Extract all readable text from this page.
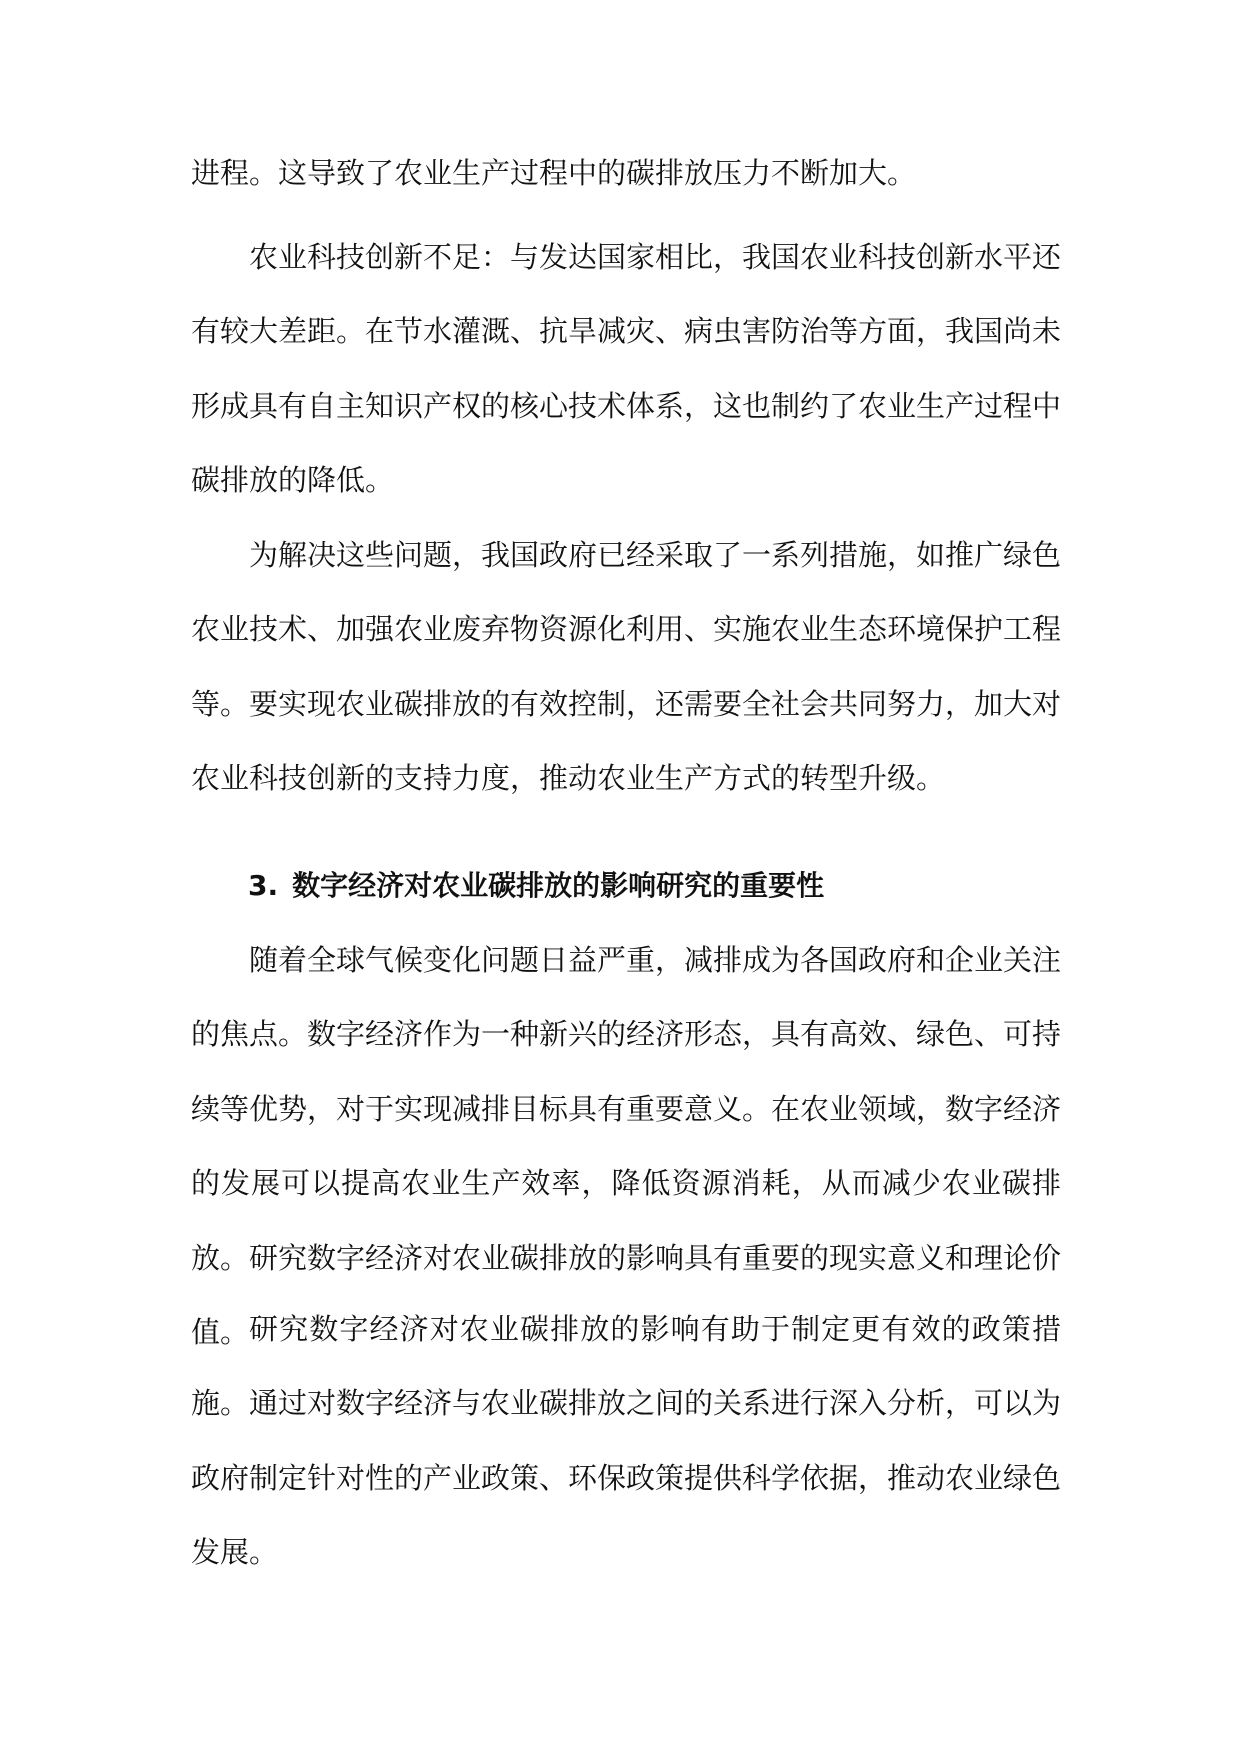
进程。这导致了农业生产过程中的碳排放压力不断加大。

农业科技创新不足：与发达国家相比，我国农业科技创新水平还有较大差距。在节水灌溉、抗旱减灾、病虫害防治等方面，我国尚未形成具有自主知识产权的核心技术体系，这也制约了农业生产过程中碳排放的降低。

为解决这些问题，我国政府已经采取了一系列措施，如推广绿色农业技术、加强农业废弃物资源化利用、实施农业生态环境保护工程等。要实现农业碳排放的有效控制，还需要全社会共同努力，加大对农业科技创新的支持力度，推动农业生产方式的转型升级。

3. 数字经济对农业碳排放的影响研究的重要性

随着全球气候变化问题日益严重，减排成为各国政府和企业关注的焦点。数字经济作为一种新兴的经济形态，具有高效、绿色、可持续等优势，对于实现减排目标具有重要意义。在农业领域，数字经济的发展可以提高农业生产效率，降低资源消耗，从而减少农业碳排放。研究数字经济对农业碳排放的影响具有重要的现实意义和理论价值。 研究数字经济对农业碳排放的影响有助于制定更有效的政策措施。通过对数字经济与农业碳排放之间的关系进行深入分析，可以为政府制定针对性的产业政策、环保政策提供科学依据，推动农业绿色发展。
